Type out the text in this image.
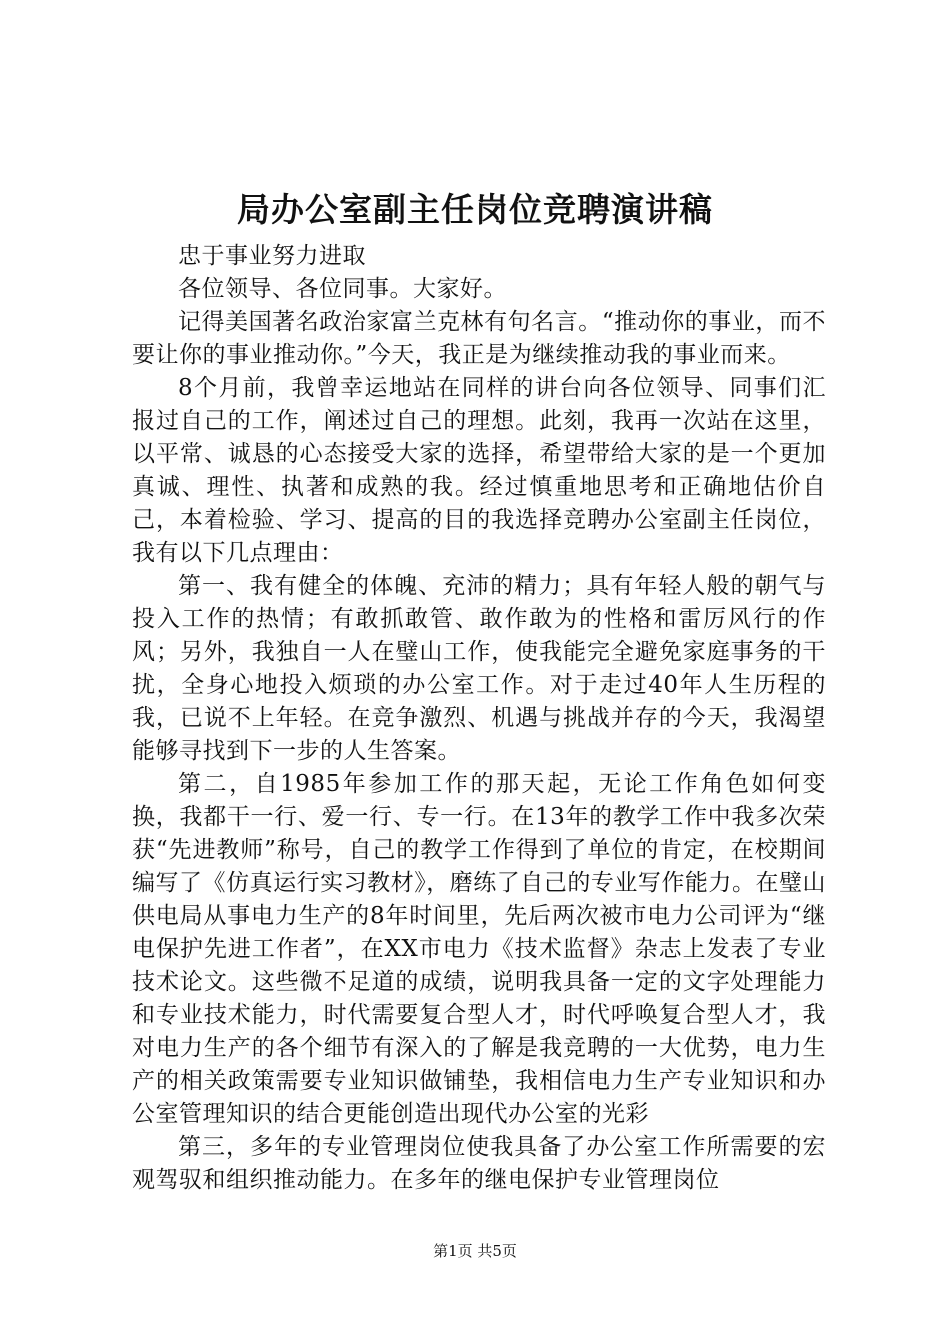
局办公室副主任岗位竞聘演讲稿

忠于事业努力进取

各位领导、各位同事。大家好。

记得美国著名政治家富兰克林有句名言。“推动你的事业，而不要让你的事业推动你。”今天，我正是为继续推动我的事业而来。

8个月前，我曾幸运地站在同样的讲台向各位领导、同事们汇报过自己的工作，阐述过自己的理想。此刻，我再一次站在这里，以平常、诚恳的心态接受大家的选择，希望带给大家的是一个更加真诚、理性、执著和成熟的我。经过慎重地思考和正确地估价自己，本着检验、学习、提高的目的我选择竞聘办公室副主任岗位，我有以下几点理由：

第一、我有健全的体魄、充沛的精力；具有年轻人般的朝气与投入工作的热情；有敢抓敢管、敢作敢为的性格和雷厉风行的作风；另外，我独自一人在璧山工作，使我能完全避免家庭事务的干扰，全身心地投入烦琐的办公室工作。对于走过40年人生历程的我，已说不上年轻。在竞争激烈、机遇与挑战并存的今天，我渴望能够寻找到下一步的人生答案。

第二，自1985年参加工作的那天起，无论工作角色如何变换，我都干一行、爱一行、专一行。在13年的教学工作中我多次荣获“先进教师”称号，自己的教学工作得到了单位的肯定，在校期间编写了《仿真运行实习教材》，磨练了自己的专业写作能力。在璧山供电局从事电力生产的8年时间里，先后两次被市电力公司评为“继电保护先进工作者”，在XX市电力《技术监督》杂志上发表了专业技术论文。这些微不足道的成绩，说明我具备一定的文字处理能力和专业技术能力，时代需要复合型人才，时代呼唤复合型人才，我对电力生产的各个细节有深入的了解是我竞聘的一大优势，电力生产的相关政策需要专业知识做铺垫，我相信电力生产专业知识和办公室管理知识的结合更能创造出现代办公室的光彩

第三，多年的专业管理岗位使我具备了办公室工作所需要的宏观驾驭和组织推动能力。在多年的继电保护专业管理岗位

第1页 共5页
